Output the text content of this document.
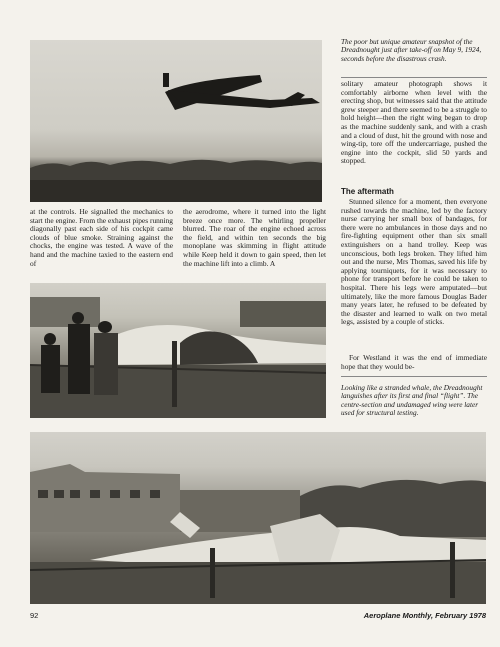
The poor but unique amateur snapshot of the Dreadnought just after take-off on May 9, 1924, seconds before the disastrous crash.

solitary amateur photograph shows it comfortably airborne when level with the erecting shop, but witnesses said that the attitude grew steeper and there seemed to be a struggle to hold height—then the right wing began to drop as the machine suddenly sank, and with a crash and a cloud of dust, hit the ground with nose and wing-tip, tore off the undercarriage, pushed the engine into the cockpit, slid 50 yards and stopped.

The aftermath

Stunned silence for a moment, then everyone rushed towards the machine, led by the factory nurse carrying her small box of bandages, for there were no ambulances in those days and no fire-fighting equipment other than six small extinguishers on a hand trolley. Keep was unconscious, both legs broken. They lifted him out and the nurse, Mrs Thomas, saved his life by applying tourniquets, for it was necessary to phone for transport before he could be taken to hospital. There his legs were amputated—but ultimately, like the more famous Douglas Bader many years later, he refused to be defeated by the disaster and learned to walk on two metal legs, assisted by a couple of sticks.

For Westland it was the end of immediate hope that they would be-

Looking like a stranded whale, the Dreadnought languishes after its first and final “flight”. The centre-section and undamaged wing were later used for structural testing.

at the controls. He signalled the mechanics to start the engine. From the exhaust pipes running diagonally past each side of his cockpit came clouds of blue smoke. Straining against the chocks, the engine was tested. A wave of the hand and the machine taxied to the eastern end of

the aerodrome, where it turned into the light breeze once more. The whirling propeller blurred. The roar of the engine echoed across the field, and within ten seconds the big monoplane was skimming in flight attitude while Keep held it down to gain speed, then let the machine lift into a climb. A

92	Aeroplane Monthly, February 1978
